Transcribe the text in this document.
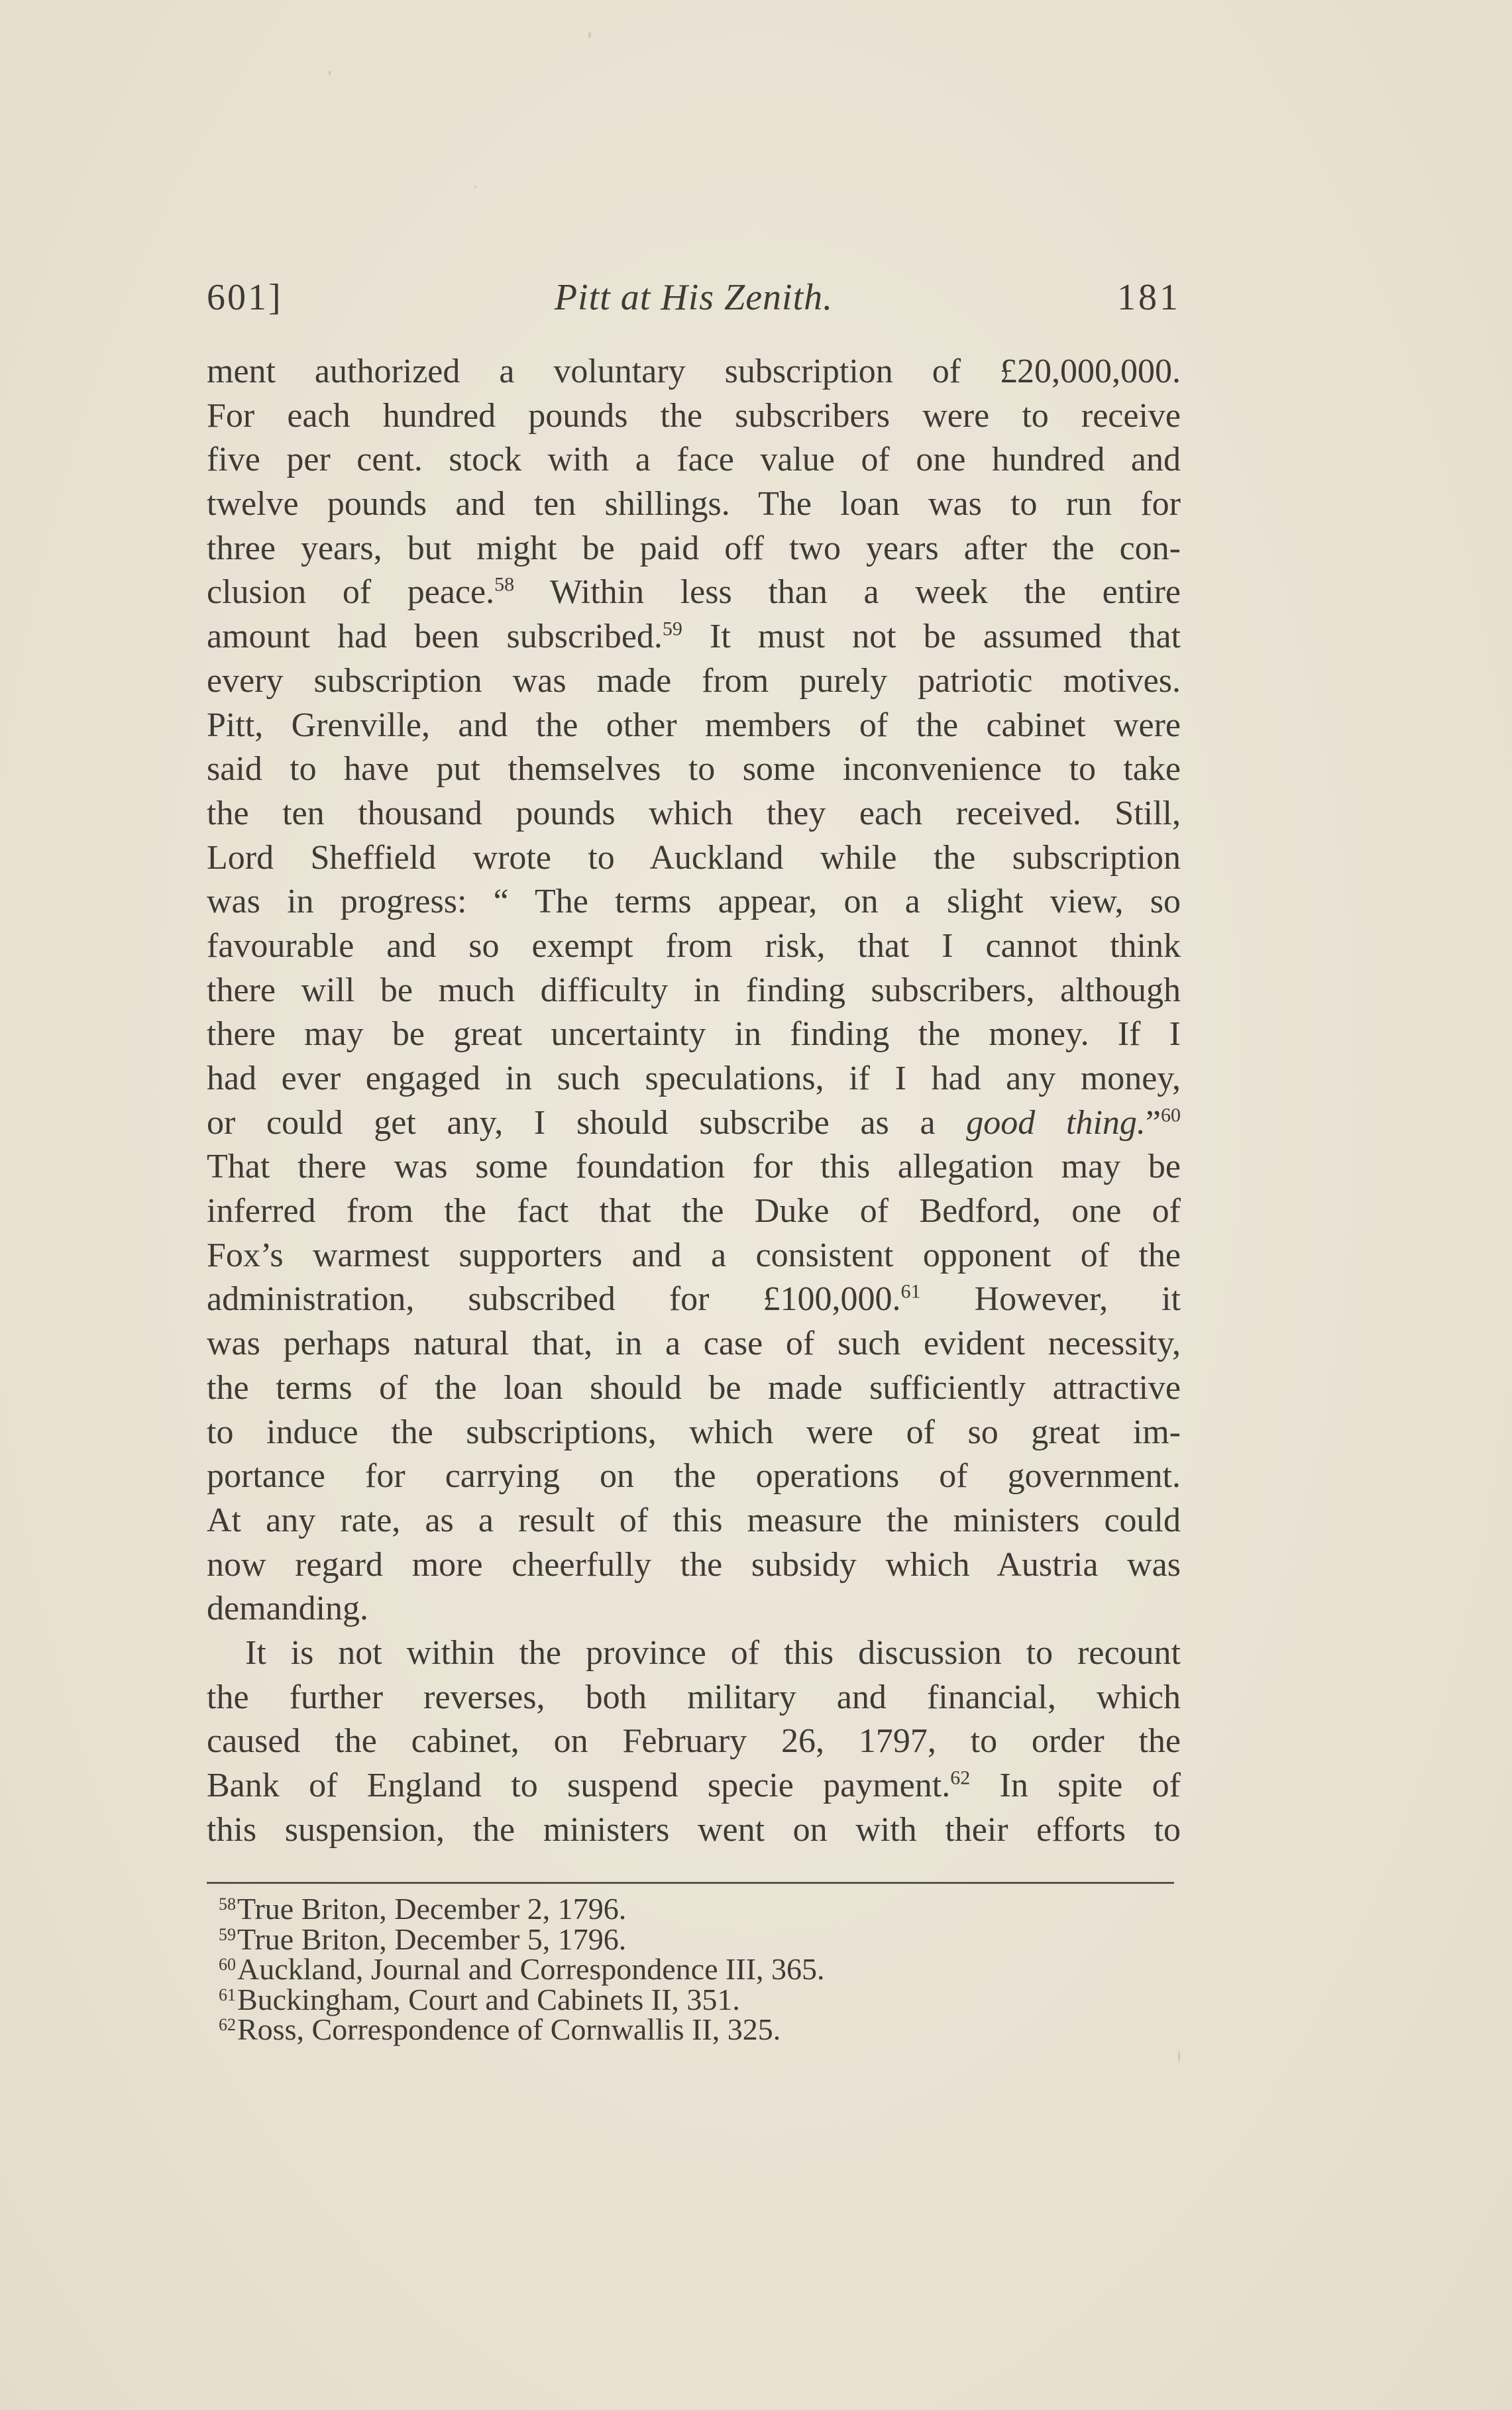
601]	Pitt at His Zenith.	181
ment authorized a voluntary subscription of £20,000,000.
For each hundred pounds the subscribers were to receive
five per cent. stock with a face value of one hundred and
twelve pounds and ten shillings. The loan was to run for
three years, but might be paid off two years after the con-
clusion of peace.$^{58}$ Within less than a week the entire
amount had been subscribed.$^{59}$ It must not be assumed that
every subscription was made from purely patriotic motives.
Pitt, Grenville, and the other members of the cabinet were
said to have put themselves to some inconvenience to take
the ten thousand pounds which they each received. Still,
Lord Sheffield wrote to Auckland while the subscription
was in progress: “ The terms appear, on a slight view, so
favourable and so exempt from risk, that I cannot think
there will be much difficulty in finding subscribers, although
there may be great uncertainty in finding the money. If I
had ever engaged in such speculations, if I had any money,
or could get any, I should subscribe as a good thing.”$^{60}$
That there was some foundation for this allegation may be
inferred from the fact that the Duke of Bedford, one of
Fox’s warmest supporters and a consistent opponent of the
administration, subscribed for £100,000.61 However, it
was perhaps natural that, in a case of such evident necessity,
the terms of the loan should be made sufficiently attractive
to induce the subscriptions, which were of so great im-
portance for carrying on the operations of government.
At any rate, as a result of this measure the ministers could
now regard more cheerfully the subsidy which Austria was
demanding.
It is not within the province of this discussion to recount
the further reverses, both military and financial, which
caused the cabinet, on February 26, 1797, to order the
Bank of England to suspend specie payment.$^{62}$ In spite of
this suspension, the ministers went on with their efforts to
$^{58}$True Briton, December 2, 1796.
$^{59}$True Briton, December 5, 1796.
$^{60}$Auckland, Journal and Correspondence III, 365.
$^{61}$Buckingham, Court and Cabinets II, 351.
$^{62}$Ross, Correspondence of Cornwallis II, 325.
